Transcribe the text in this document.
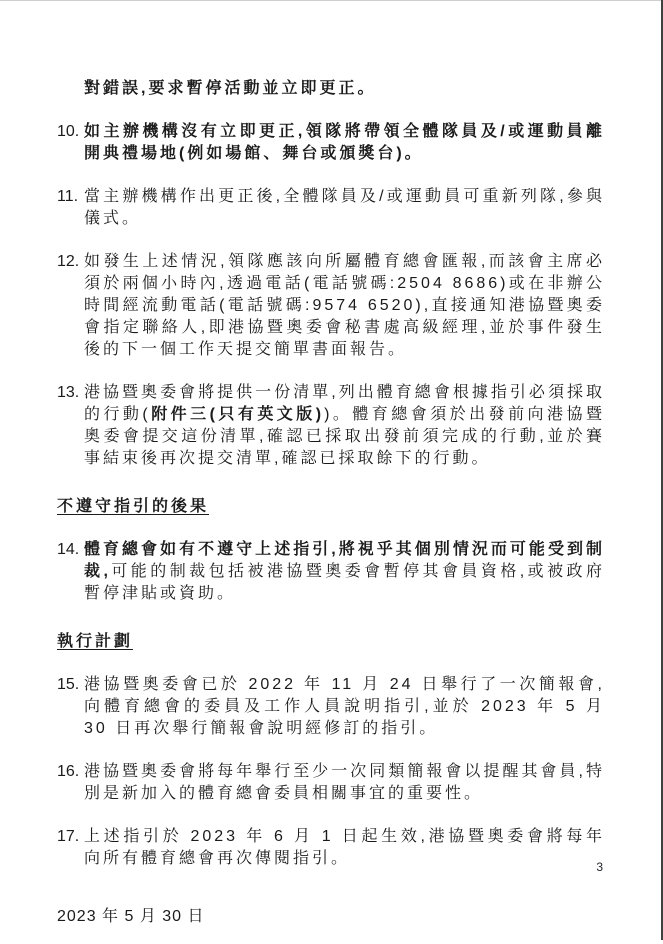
對錯誤,要求暫停活動並立即更正。

10. 如主辦機構沒有立即更正,領隊將帶領全體隊員及/或運動員離開典禮場地(例如場館、舞台或頒獎台)。
11. 當主辦機構作出更正後,全體隊員及/或運動員可重新列隊,參與儀式。
12. 如發生上述情況,領隊應該向所屬體育總會匯報,而該會主席必須於兩個小時內,透過電話(電話號碼:2504 8686)或在非辦公時間經流動電話(電話號碼:9574 6520),直接通知港協暨奧委會指定聯絡人,即港協暨奧委會秘書處高級經理,並於事件發生後的下一個工作天提交簡單書面報告。
13. 港協暨奧委會將提供一份清單,列出體育總會根據指引必須採取的行動(附件三(只有英文版))。體育總會須於出發前向港協暨奧委會提交這份清單,確認已採取出發前須完成的行動,並於賽事結束後再次提交清單,確認已採取餘下的行動。
不遵守指引的後果
14. 體育總會如有不遵守上述指引,將視乎其個別情況而可能受到制裁,可能的制裁包括被港協暨奧委會暫停其會員資格,或被政府暫停津貼或資助。
執行計劃
15. 港協暨奧委會已於 2022 年 11 月 24 日舉行了一次簡報會,向體育總會的委員及工作人員說明指引,並於 2023 年 5 月 30 日再次舉行簡報會說明經修訂的指引。
16. 港協暨奧委會將每年舉行至少一次同類簡報會以提醒其會員,特別是新加入的體育總會委員相關事宜的重要性。
17. 上述指引於 2023 年 6 月 1 日起生效,港協暨奧委會將每年向所有體育總會再次傳閱指引。

2023 年 5 月 30 日

3
